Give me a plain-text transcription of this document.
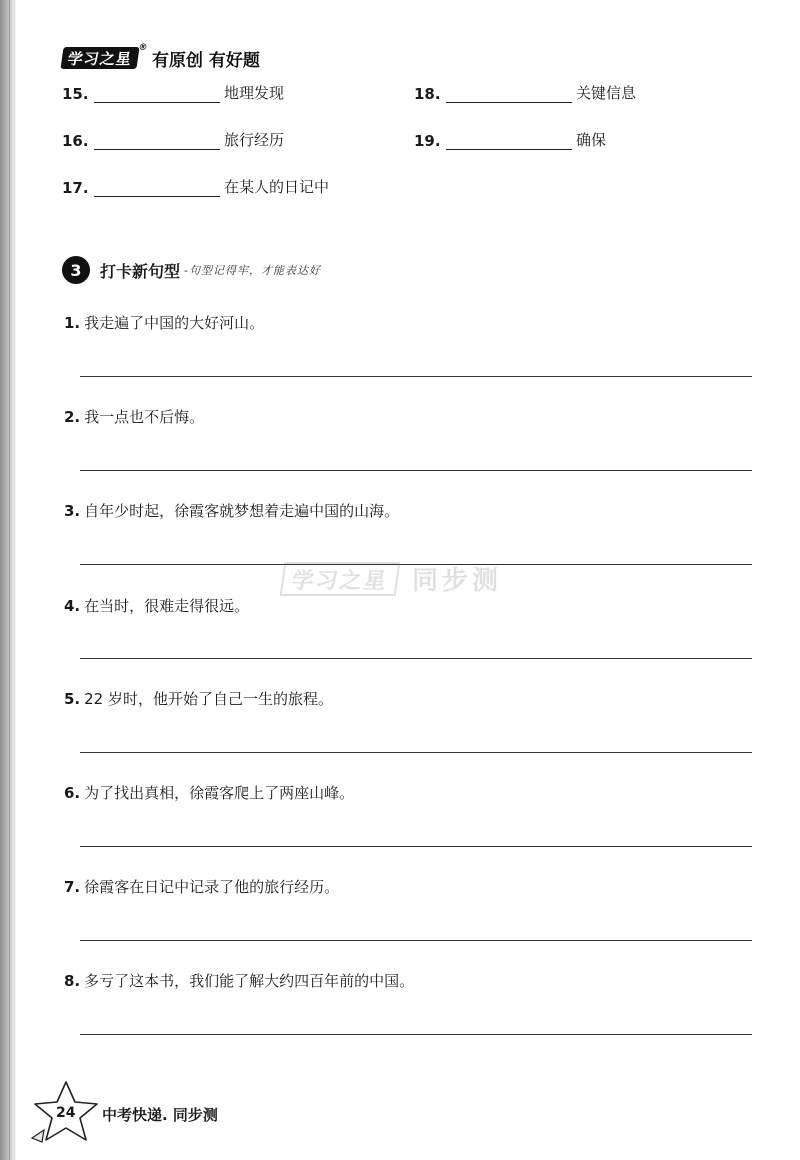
学习之星
®
有原创 有好题
15.	地理发现
16.	旅行经历
17.	在某人的日记中
18.	关键信息
19.	确保
3	打卡新句型 -句型记得牢，才能表达好
1. 我走遍了中国的大好河山。
2. 我一点也不后悔。
3. 自年少时起，徐霞客就梦想着走遍中国的山海。
4. 在当时，很难走得很远。
5. 22 岁时，他开始了自己一生的旅程。
6. 为了找出真相，徐霞客爬上了两座山峰。
7. 徐霞客在日记中记录了他的旅行经历。
8. 多亏了这本书，我们能了解大约四百年前的中国。
学习之星 同步测
24 中考快递. 同步测
